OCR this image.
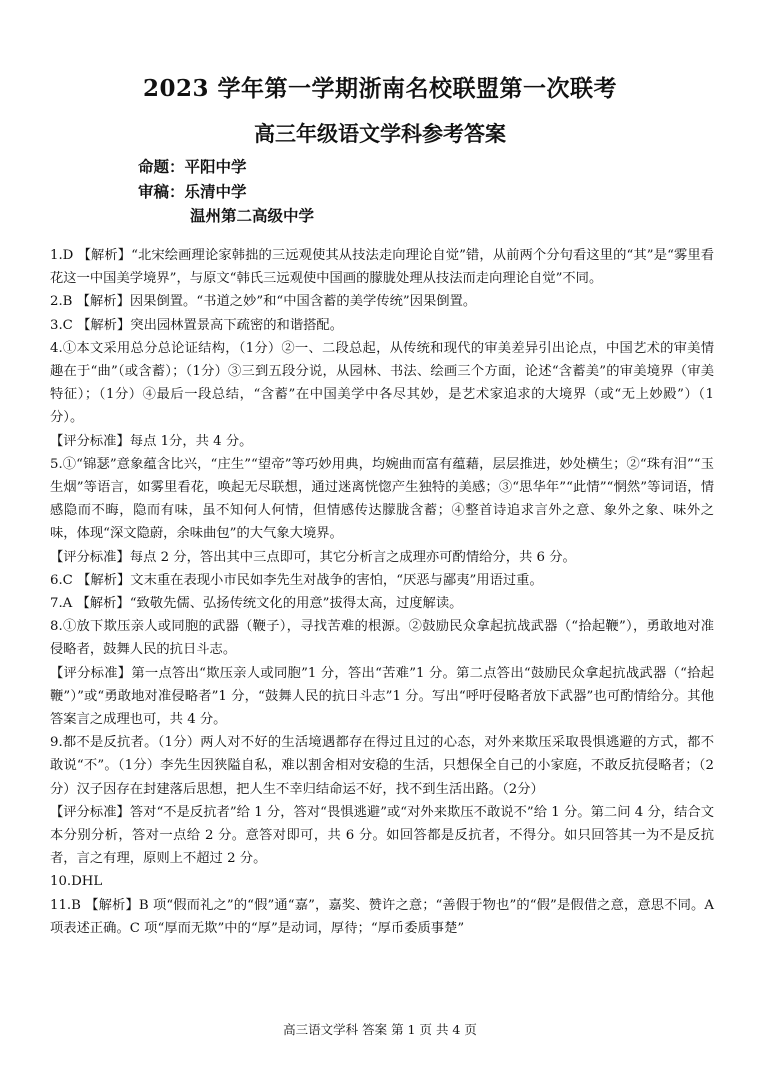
2023 学年第一学期浙南名校联盟第一次联考
高三年级语文学科参考答案
命题：平阳中学
审稿：乐清中学
温州第二高级中学

1.D 【解析】“北宋绘画理论家韩拙的三远观使其从技法走向理论自觉”错，从前两个分句看这里的“其”是“雾里看花这一中国美学境界”，与原文“韩氏三远观使中国画的朦胧处理从技法而走向理论自觉”不同。

2.B 【解析】因果倒置。“书道之妙”和“中国含蓄的美学传统”因果倒置。

3.C 【解析】突出园林置景高下疏密的和谐搭配。

4.①本文采用总分总论证结构，（1分）②一、二段总起，从传统和现代的审美差异引出论点，中国艺术的审美情趣在于“曲”（或含蓄）；（1分）③三到五段分说，从园林、书法、绘画三个方面，论述“含蓄美”的审美境界（审美特征）；（1分）④最后一段总结，“含蓄”在中国美学中各尽其妙，是艺术家追求的大境界（或“无上妙殿”）（1分）。

【评分标准】每点 1分，共 4 分。

5.①“锦瑟”意象蕴含比兴，“庄生”“望帝”等巧妙用典，均婉曲而富有蕴藉，层层推进，妙处横生；②“珠有泪”“玉生烟”等语言，如雾里看花，唤起无尽联想，通过迷离恍惚产生独特的美感；③“思华年”“此情”“惘然”等词语，情感隐而不晦，隐而有味，虽不知何人何情，但情感传达朦胧含蓄；④整首诗追求言外之意、象外之象、味外之味，体现“深文隐蔚，余味曲包”的大气象大境界。

【评分标准】每点 2 分，答出其中三点即可，其它分析言之成理亦可酌情给分，共 6 分。

6.C 【解析】文末重在表现小市民如李先生对战争的害怕，“厌恶与鄙夷”用语过重。

7.A 【解析】“致敬先儒、弘扬传统文化的用意”拔得太高，过度解读。

8.①放下欺压亲人或同胞的武器（鞭子），寻找苦难的根源。②鼓励民众拿起抗战武器（“拾起鞭”），勇敢地对准侵略者，鼓舞人民的抗日斗志。

【评分标准】第一点答出“欺压亲人或同胞”1 分，答出“苦难”1 分。第二点答出“鼓励民众拿起抗战武器（“拾起鞭”）”或“勇敢地对准侵略者”1 分，“鼓舞人民的抗日斗志”1 分。写出“呼吁侵略者放下武器”也可酌情给分。其他答案言之成理也可，共 4 分。

9.都不是反抗者。（1分）两人对不好的生活境遇都存在得过且过的心态，对外来欺压采取畏惧逃避的方式，都不敢说“不”。（1分）李先生因狭隘自私，难以割舍相对安稳的生活，只想保全自己的小家庭，不敢反抗侵略者；（2分）汉子因存在封建落后思想，把人生不幸归结命运不好，找不到生活出路。（2分）

【评分标准】答对“不是反抗者”给 1 分，答对“畏惧逃避”或“对外来欺压不敢说不”给 1 分。第二问 4 分，结合文本分别分析，答对一点给 2 分。意答对即可，共 6 分。如回答都是反抗者，不得分。如只回答其一为不是反抗者，言之有理，原则上不超过 2 分。

10.DHL

11.B 【解析】B 项“假而礼之”的“假”通“嘉”，嘉奖、赞许之意；“善假于物也”的“假”是假借之意，意思不同。A 项表述正确。C 项“厚而无欺”中的“厚”是动词，厚待；“厚币委质事楚”

高三语文学科 答案 第 1 页 共 4 页
